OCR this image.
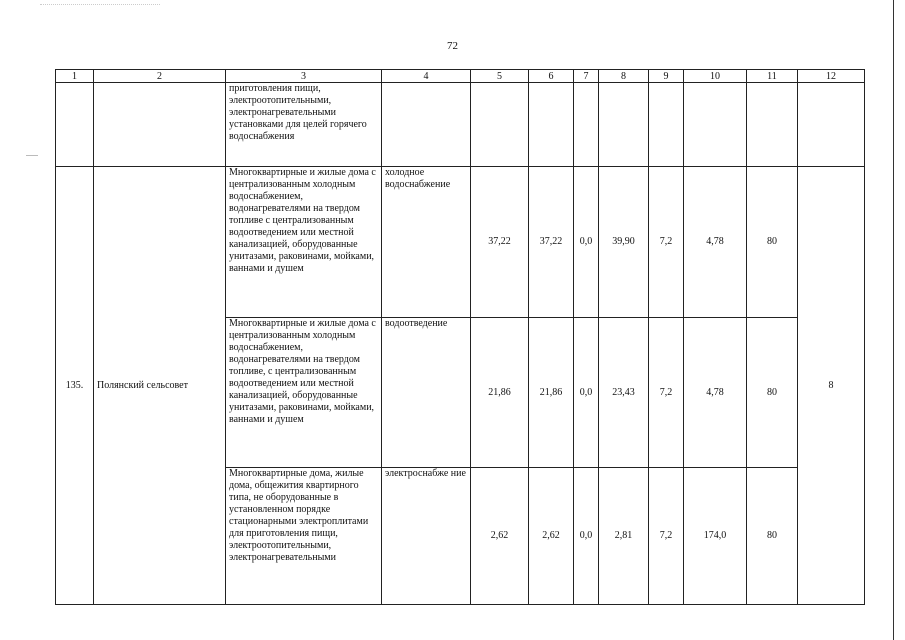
72
1	2	3	4	5	6	7	8	9	10	11	12
		приготовления пищи, электроотопительными, электронагревательными установками для целей горячего водоснабжения									
135.	Полянский сельсовет	Многоквартирные и жилые дома с централизованным холодным водоснабжением, водонагревателями на твердом топливе с централизованным водоотведением или местной канализацией, оборудованные унитазами, раковинами, мойками, ваннами и душем	холодное водоснабжение	37,22	37,22	0,0	39,90	7,2	4,78	80	8
		Многоквартирные и жилые дома с централизованным холодным водоснабжением, водонагревателями на твердом топливе, с централизованным водоотведением или местной канализацией, оборудованные унитазами, раковинами, мойками, ваннами и душем	водоотведение	21,86	21,86	0,0	23,43	7,2	4,78	80	
		Многоквартирные дома, жилые дома, общежития квартирного типа, не оборудованные в установленном порядке стационарными электроплитами для приготовления пищи, электроотопительными, электронагревательными	электроснабже ние	2,62	2,62	0,0	2,81	7,2	174,0	80	
